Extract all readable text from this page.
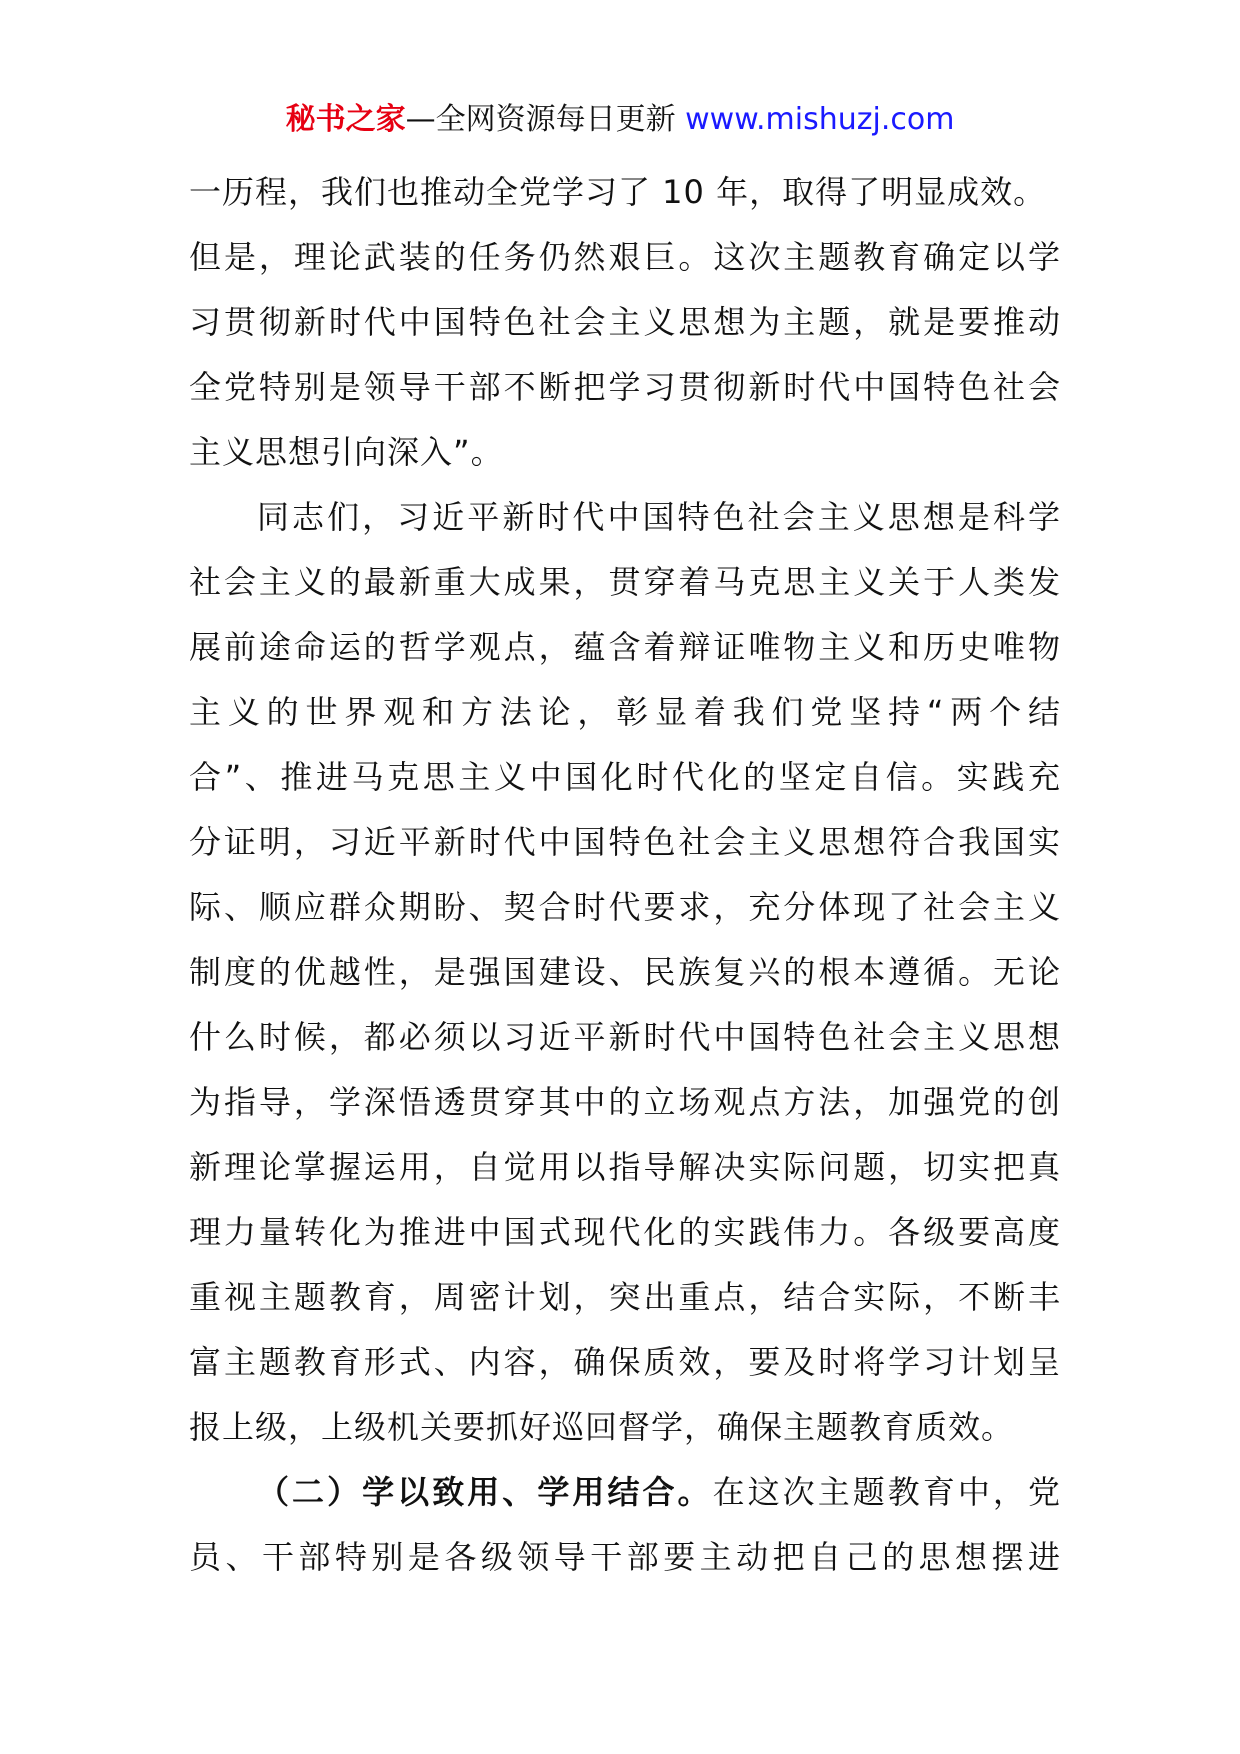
秘书之家—全网资源每日更新 www.mishuzj.com
一历程，我们也推动全党学习了 10 年，取得了明显成效。
但是，理论武装的任务仍然艰巨。这次主题教育确定以学
习贯彻新时代中国特色社会主义思想为主题，就是要推动
全党特别是领导干部不断把学习贯彻新时代中国特色社会
主义思想引向深入”。
同志们，习近平新时代中国特色社会主义思想是科学
社会主义的最新重大成果，贯穿着马克思主义关于人类发
展前途命运的哲学观点，蕴含着辩证唯物主义和历史唯物
主义的世界观和方法论，彰显着我们党坚持“两个结
合”、推进马克思主义中国化时代化的坚定自信。实践充
分证明，习近平新时代中国特色社会主义思想符合我国实
际、顺应群众期盼、契合时代要求，充分体现了社会主义
制度的优越性，是强国建设、民族复兴的根本遵循。无论
什么时候，都必须以习近平新时代中国特色社会主义思想
为指导，学深悟透贯穿其中的立场观点方法，加强党的创
新理论掌握运用，自觉用以指导解决实际问题，切实把真
理力量转化为推进中国式现代化的实践伟力。各级要高度
重视主题教育，周密计划，突出重点，结合实际，不断丰
富主题教育形式、内容，确保质效，要及时将学习计划呈
报上级，上级机关要抓好巡回督学，确保主题教育质效。
（二）学以致用、学用结合。在这次主题教育中，党
员、干部特别是各级领导干部要主动把自己的思想摆进
